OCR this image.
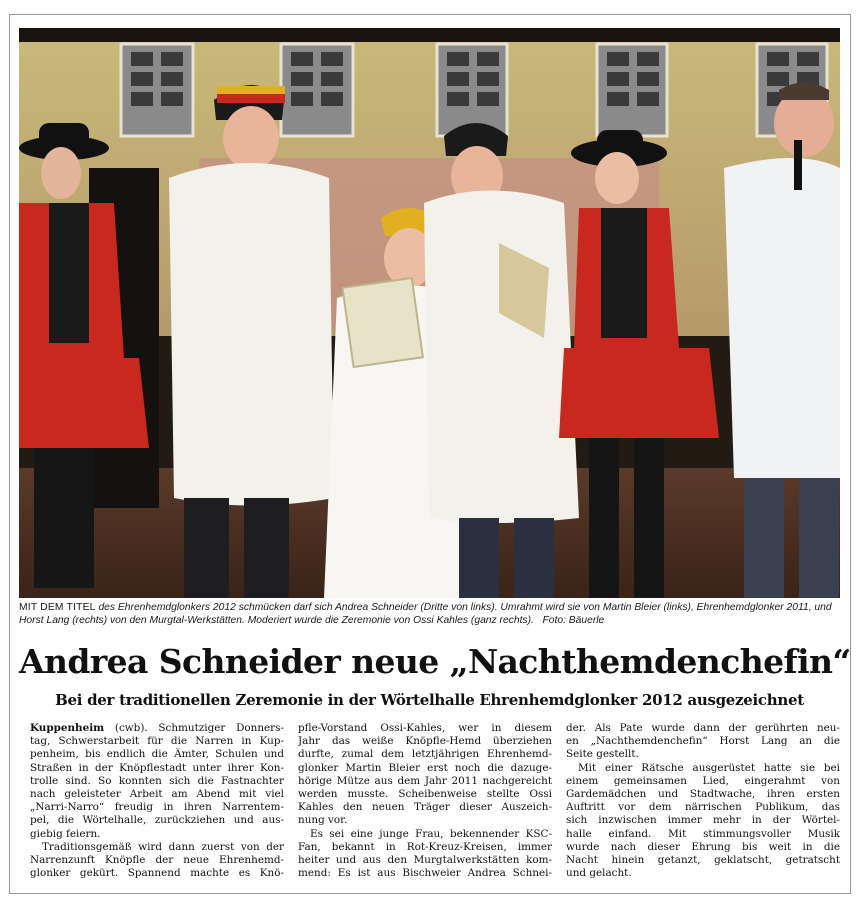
MIT DEM TITEL des Ehrenhemdglonkers 2012 schmücken darf sich Andrea Schneider (Dritte von links). Umrahmt wird sie von Martin Bleier (links), Ehrenhemdglonker 2011, und Horst Lang (rechts) von den Murgtal-Werkstätten. Moderiert wurde die Zeremonie von Ossi Kahles (ganz rechts). Foto: Bäuerle
Andrea Schneider neue „Nachthemdenchefin“
Bei der traditionellen Zeremonie in der Wörtelhalle Ehrenhemdglonker 2012 ausgezeichnet
Kuppenheim (cwb). Schmutziger Donners-
tag, Schwerstarbeit für die Narren in Kup-
penheim, bis endlich die Ämter, Schulen und
Straßen in der Knöpflestadt unter ihrer Kon-
trolle sind. So konnten sich die Fastnachter
nach geleisteter Arbeit am Abend mit viel
„Narri-Narro“ freudig in ihren Narrentem-
pel, die Wörtelhalle, zurückziehen und aus-
giebig feiern.
Traditionsgemäß wird dann zuerst von der
Narrenzunft Knöpfle der neue Ehrenhemd-
glonker gekürt. Spannend machte es Knö-
pfle-Vorstand Ossi-Kahles, wer in diesem
Jahr das weiße Knöpfle-Hemd überziehen
durfte, zumal dem letztjährigen Ehrenhemd-
glonker Martin Bleier erst noch die dazuge-
hörige Mütze aus dem Jahr 2011 nachgereicht
werden musste. Scheibenweise stellte Ossi
Kahles den neuen Träger dieser Auszeich-
nung vor.
Es sei eine junge Frau, bekennender KSC-
Fan, bekannt in Rot-Kreuz-Kreisen, immer
heiter und aus den Murgtalwerkstätten kom-
mend: Es ist aus Bischweier Andrea Schnei-
der. Als Pate wurde dann der gerührten neu-
en „Nachthemdenchefin“ Horst Lang an die
Seite gestellt.
Mit einer Rätsche ausgerüstet hatte sie bei
einem gemeinsamen Lied, eingerahmt von
Gardemädchen und Stadtwache, ihren ersten
Auftritt vor dem närrischen Publikum, das
sich inzwischen immer mehr in der Wörtel-
halle einfand. Mit stimmungsvoller Musik
wurde nach dieser Ehrung bis weit in die
Nacht hinein getanzt, geklatscht, getratscht
und gelacht.
